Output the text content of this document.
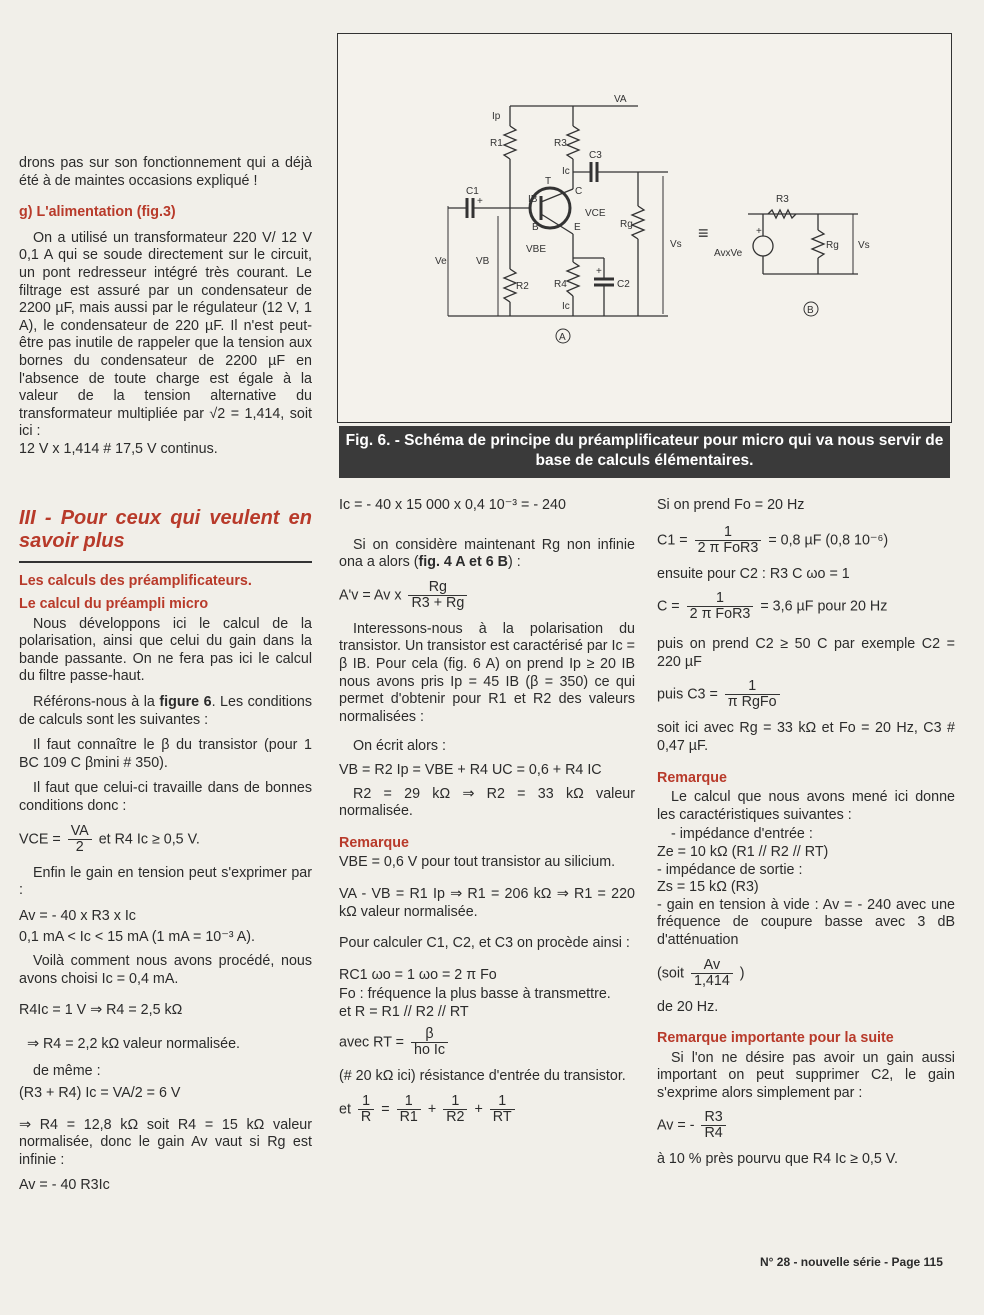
drons pas sur son fonctionnement qui a déjà été à de maintes occasions expliqué !

g) L'alimentation (fig.3)

On a utilisé un transformateur 220 V/ 12 V 0,1 A qui se soude directement sur le circuit, un pont redresseur intégré très courant. Le filtrage est assuré par un condensateur de 2200 µF, mais aussi par le régulateur (12 V, 1 A), le condensateur de 220 µF. Il n'est peut-être pas inutile de rappeler que la tension aux bornes du condensateur de 2200 µF en l'absence de toute charge est égale à la valeur de la tension alternative du transformateur multipliée par √2 = 1,414, soit ici :

12 V x 1,414 # 17,5 V continus.

III - Pour ceux qui veulent en savoir plus

Les calculs des préamplificateurs.

Le calcul du préampli micro

Nous développons ici le calcul de la polarisation, ainsi que celui du gain dans la bande passante. On ne fera pas ici le calcul du filtre passe-haut.

Référons-nous à la figure 6. Les conditions de calculs sont les suivantes :

Il faut connaître le β du transistor (pour 1 BC 109 C βmini # 350).

Il faut que celui-ci travaille dans de bonnes conditions donc :

VCE = $\frac{VA}{2}$ et R4 Ic ≥ 0,5 V.

Enfin le gain en tension peut s'exprimer par :

Av = - 40 x R3 x Ic
0,1 mA < Ic < 15 mA (1 mA = 10⁻³ A).

Voilà comment nous avons procédé, nous avons choisi Ic = 0,4 mA.

R4Ic = 1 V ⇒ R4 = 2,5 kΩ
⇒ R4 = 2,2 kΩ valeur normalisée.
de même :
(R3 + R4) Ic = VA/2 = 6 V

⇒ R4 = 12,8 kΩ soit R4 = 15 kΩ valeur normalisée, donc le gain Av vaut si Rg est infinie :

Av = - 40 R3Ic
VA
Ip
R1
R2
R3
Ic
C3
Rg
Vs
T
IB
C
VCE
B	E
VBE
C1
+
Ve	VB
R4
Ic
+
C2
A
≡	+
AvxVe
R3
Rg Vs
B
Fig. 6. - Schéma de principe du préamplificateur pour micro qui va nous servir de base de calculs élémentaires.
Ic = - 40 x 15 000 x 0,4 10⁻³ = - 240

Si on considère maintenant Rg non infinie ona a alors (fig. 4 A et 6 B) :

A'v = Av x $\frac{Rg}{R3 + Rg}$

Interessons-nous à la polarisation du transistor. Un transistor est caractérisé par Ic = β IB. Pour cela (fig. 6 A) on prend Ip ≥ 20 IB nous avons pris Ip = 45 IB (β = 350) ce qui permet d'obtenir pour R1 et R2 des valeurs normalisées :

On écrit alors :
VB = R2 Ip = VBE + R4 UC = 0,6 + R4 IC

R2 = 29 kΩ ⇒ R2 = 33 kΩ valeur normalisée.

Remarque

VBE = 0,6 V pour tout transistor au silicium.

VA - VB = R1 Ip ⇒ R1 = 206 kΩ ⇒ R1 = 220 kΩ valeur normalisée.

Pour calculer C1, C2, et C3 on procède ainsi :

RC1 ωo = 1 ωo = 2 π Fo

Fo : fréquence la plus basse à transmettre.

et R = R1 // R2 // RT
avec RT = $\frac{\beta}{\text{ho Ic}}$

(# 20 kΩ ici) résistance d'entrée du transistor.

et $\frac{1}{R} = \frac{1}{R1} + \frac{1}{R2} + \frac{1}{RT}$
Si on prend Fo = 20 Hz
$C1 = \frac{1}{\text{2 π FoR3}} = 0,8$ µF (0,8 10⁻⁶)
ensuite pour C2 : R3 C ωo = 1
$C = \frac{1}{\text{2 π FoR3}} = 3,6$ µF pour 20 Hz

puis on prend C2 ≥ 50 C par exemple C2 = 220 µF

puis $C3 = \frac{1}{\text{π RgFo}}$

soit ici avec Rg = 33 kΩ et Fo = 20 Hz, C3 # 0,47 µF.

Remarque

Le calcul que nous avons mené ici donne les caractéristiques suivantes :

- impédance d'entrée :
Ze = 10 kΩ (R1 // R2 // RT)
- impédance de sortie :
Zs = 15 kΩ (R3)

- gain en tension à vide : Av = - 240 avec une fréquence de coupure basse avec 3 dB d'atténuation

(soit $\frac{Av}{1,414}$ )
de 20 Hz.
Remarque importante pour la suite

Si l'on ne désire pas avoir un gain aussi important on peut supprimer C2, le gain s'exprime alors simplement par :

Av = - $\frac{R3}{R4}$
à 10 % près pourvu que R4 Ic ≥ 0,5 V.
N° 28 - nouvelle série - Page 115
